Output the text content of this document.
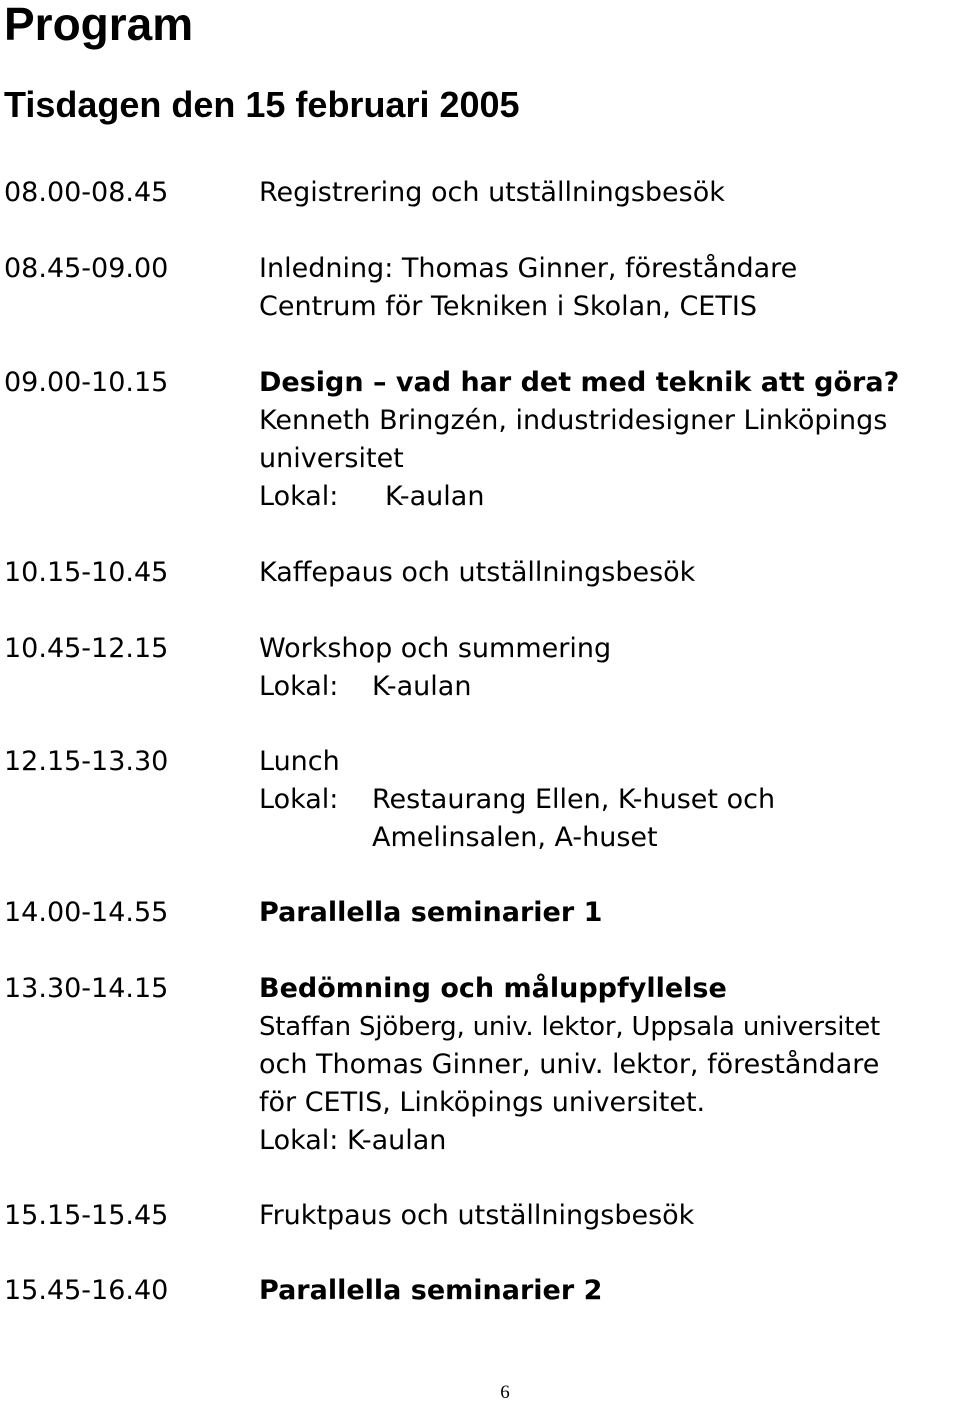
Program
Tisdagen den 15 februari 2005
08.00-08.45	Registrering och utställningsbesök
08.45-09.00	Inledning: Thomas Ginner, föreståndare
Centrum för Tekniken i Skolan, CETIS
09.00-10.15	Design – vad har det med teknik att göra?
Kenneth Bringzén, industridesigner Linköpings
universitet
Lokal:	K-aulan
10.15-10.45	Kaffepaus och utställningsbesök
10.45-12.15	Workshop och summering
Lokal:	K-aulan
12.15-13.30	Lunch
Lokal:	Restaurang Ellen, K-huset och
Amelinsalen, A-huset
14.00-14.55	Parallella seminarier 1
13.30-14.15	Bedömning och måluppfyllelse
Staffan Sjöberg, univ. lektor, Uppsala universitet
och Thomas Ginner, univ. lektor, föreståndare
för CETIS, Linköpings universitet.
Lokal: K-aulan
15.15-15.45	Fruktpaus och utställningsbesök
15.45-16.40	Parallella seminarier 2
6
